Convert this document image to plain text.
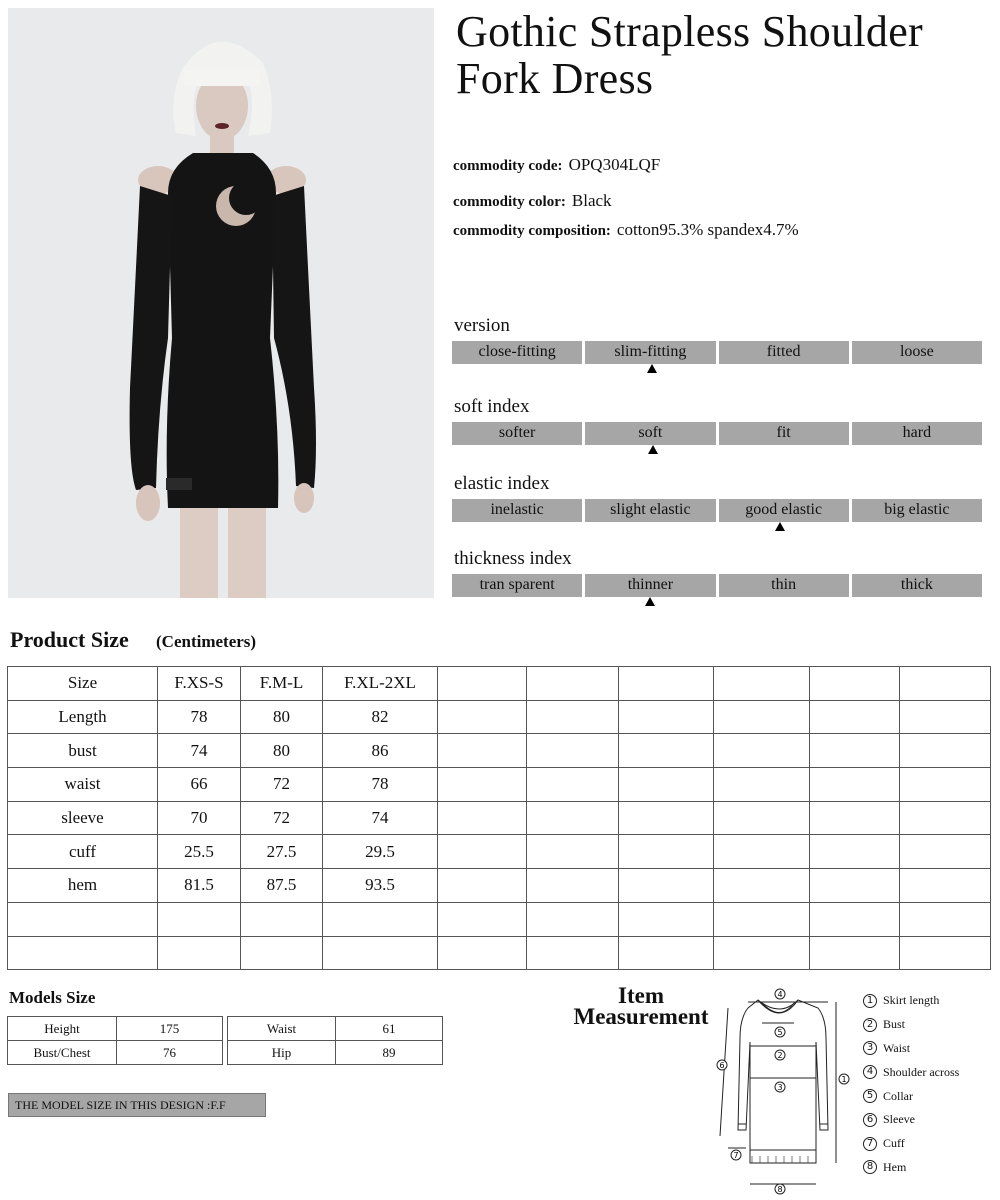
Gothic Strapless Shoulder Fork Dress
commodity code: OPQ304LQF
commodity color: Black
commodity composition: cotton95.3% spandex4.7%
version
close-fitting	slim-fitting	fitted	loose
soft index
softer	soft	fit	hard
elastic index
inelastic	slight elastic	good elastic	big elastic
thickness index
tran sparent	thinner	thin	thick
Product Size (Centimeters)
Size	F.XS-S	F.M-L	F.XL-2XL						
Length	78	80	82						
bust	74	80	86						
waist	66	72	78						
sleeve	70	72	74						
cuff	25.5	27.5	29.5						
hem	81.5	87.5	93.5						

Models Size
Height	175
Bust/Chest	76
Waist	61
Hip	89
THE MODEL SIZE IN THIS DESIGN :F.F
Item
Measurement
4
5
2
3
1
6
7
8
1 Skirt length
2 Bust
3 Waist
4 Shoulder across
5 Collar
6 Sleeve
7 Cuff
8 Hem
